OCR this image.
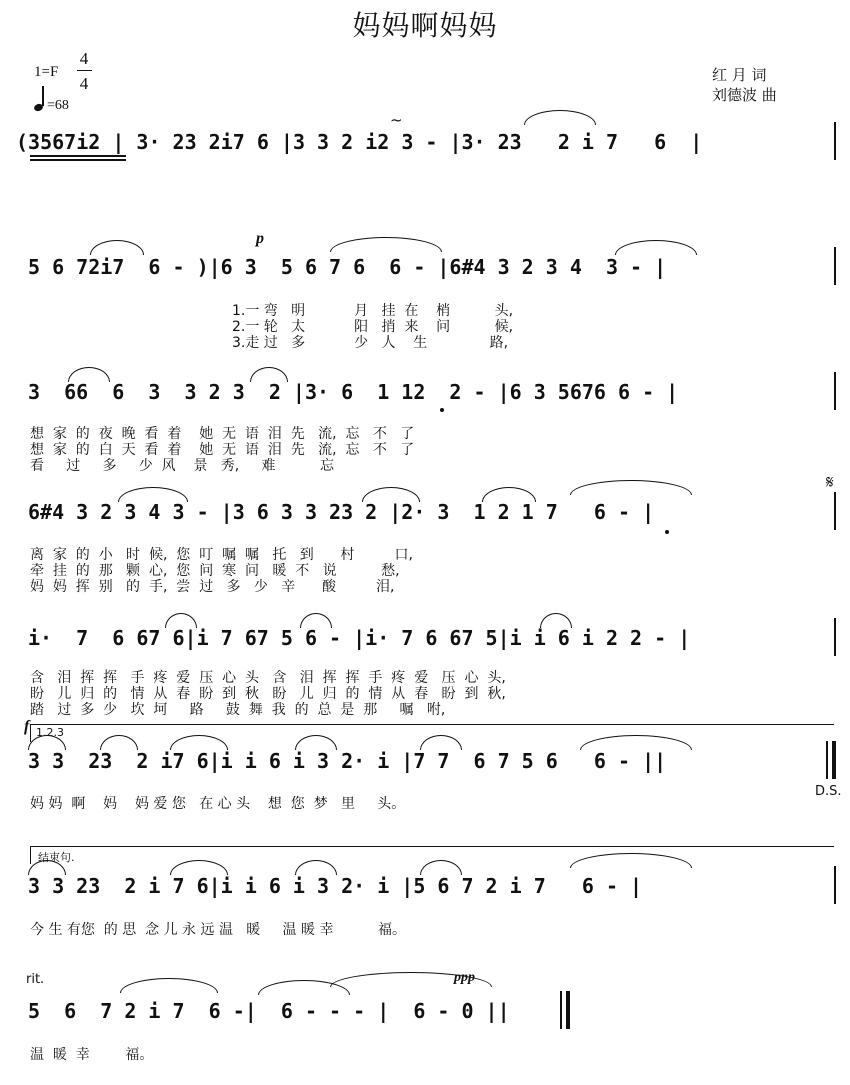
妈妈啊妈妈
1=F
4
4
=68
红 月 词
刘德波 曲
(3567i2 | 3· 23 2i7 6 |3 3 2 i2 3 - |3· 23   2 i 7   6  |
~
5 6 72i7  6 - )|6 3  5 6 7 6  6 - |6#4 3 2 3 4  3 - |
p
1.一 弯   明           月   挂  在    梢          头,
2.一 轮   太           阳   捎  来    问          候,
3.走 过   多           少   人    生              路,
3  66  6  3  3 2 3  2 |3· 6  1 12  2 - |6 3 5676 6 - |
想  家  的  夜  晚  看  着    她  无  语  泪  先   流,  忘   不   了
想  家  的  白  天  看  着    她  无  语  泪  先   流,  忘   不   了
看     过     多     少  风    景   秀,     难          忘
6#4 3 2 3 4 3 - |3 6 3 3 23 2 |2· 3  1 2 1 7   6 - |
𝄋
离  家  的  小   时  候,  您  叮  嘱  嘱   托   到      村         口,
牵  挂  的  那   颗  心,  您  问  寒  问   暖  不   说          愁,
妈  妈  挥  别   的  手,  尝  过   多   少   辛      酸         泪,
i·  7  6 67 6|i 7 67 5 6 - |i· 7 6 67 5|i i 6 i 2 2 - |
含   泪  挥  挥   手  疼  爱  压  心  头   含   泪  挥  挥  手  疼  爱   压  心  头,
盼   儿  归  的   情  从  春  盼  到  秋   盼   儿  归  的  情  从  春   盼  到  秋,
踏   过  多  少   坎  坷     路     鼓  舞  我  的  总  是  那     嘱   咐,
f 1.2.3
3 3  23  2 i7 6|i i 6 i 3 2· i |7 7  6 7 5 6   6 - ||
D.S.
妈 妈  啊    妈    妈 爱 您   在 心 头    想  您  梦   里     头。
结束句.
3 3 23  2 i 7 6|i i 6 i 3 2· i |5 6 7 2 i 7   6 - |
今 生 有您  的 思  念 儿 永 远 温   暖     温 暖 幸          福。
rit.	ppp
5  6  7 2 i 7  6 -|  6 - - - |  6 - 0 ||
温  暖  幸        福。
